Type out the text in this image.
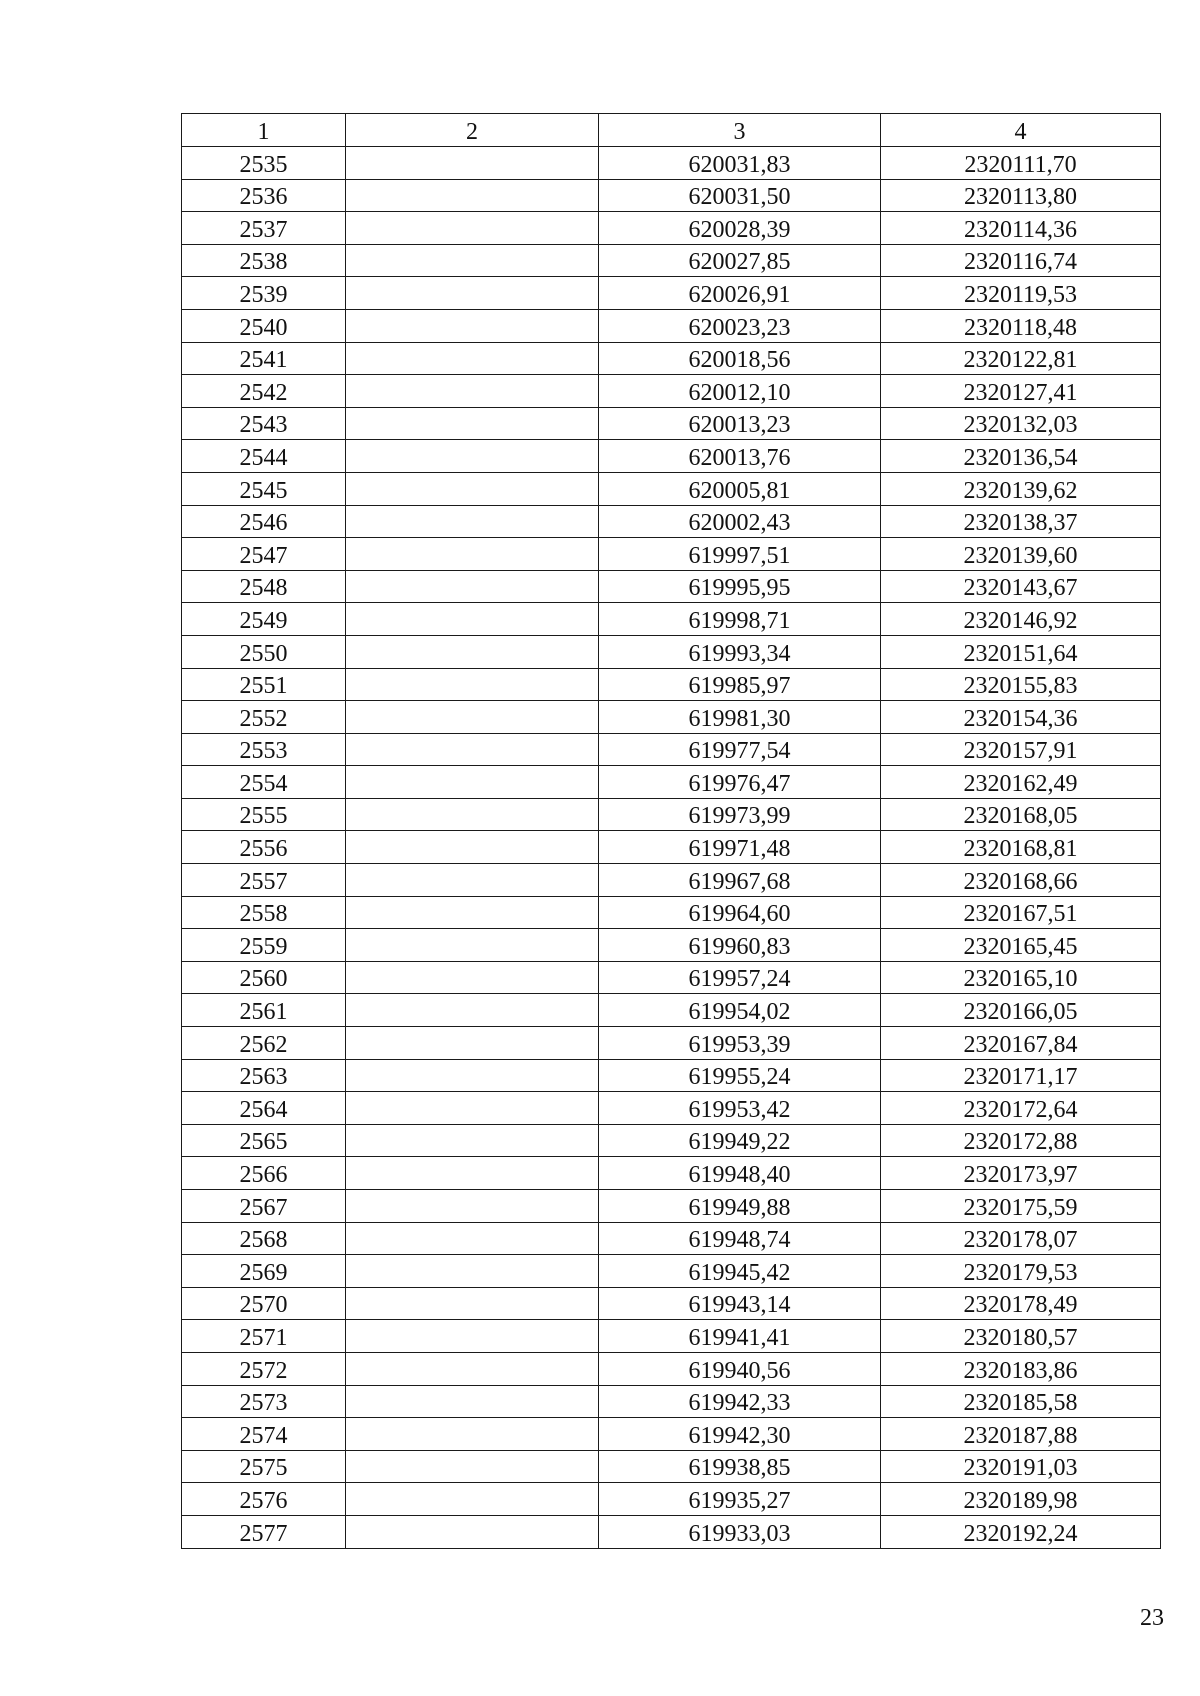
1	2	3	4
2535		620031,83	2320111,70
2536		620031,50	2320113,80
2537		620028,39	2320114,36
2538		620027,85	2320116,74
2539		620026,91	2320119,53
2540		620023,23	2320118,48
2541		620018,56	2320122,81
2542		620012,10	2320127,41
2543		620013,23	2320132,03
2544		620013,76	2320136,54
2545		620005,81	2320139,62
2546		620002,43	2320138,37
2547		619997,51	2320139,60
2548		619995,95	2320143,67
2549		619998,71	2320146,92
2550		619993,34	2320151,64
2551		619985,97	2320155,83
2552		619981,30	2320154,36
2553		619977,54	2320157,91
2554		619976,47	2320162,49
2555		619973,99	2320168,05
2556		619971,48	2320168,81
2557		619967,68	2320168,66
2558		619964,60	2320167,51
2559		619960,83	2320165,45
2560		619957,24	2320165,10
2561		619954,02	2320166,05
2562		619953,39	2320167,84
2563		619955,24	2320171,17
2564		619953,42	2320172,64
2565		619949,22	2320172,88
2566		619948,40	2320173,97
2567		619949,88	2320175,59
2568		619948,74	2320178,07
2569		619945,42	2320179,53
2570		619943,14	2320178,49
2571		619941,41	2320180,57
2572		619940,56	2320183,86
2573		619942,33	2320185,58
2574		619942,30	2320187,88
2575		619938,85	2320191,03
2576		619935,27	2320189,98
2577		619933,03	2320192,24
23
